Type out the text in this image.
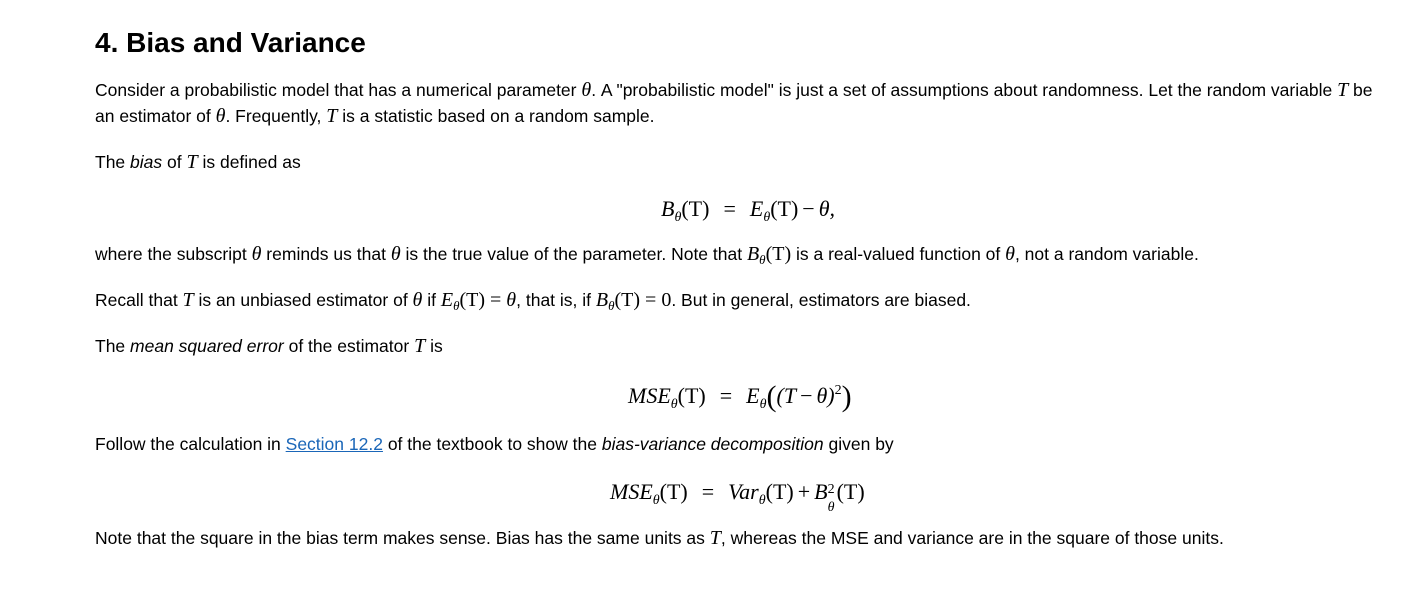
4. Bias and Variance

Consider a probabilistic model that has a numerical parameter θ. A "probabilistic model" is just a set of assumptions about randomness. Let the random variable T be an estimator of θ. Frequently, T is a statistic based on a random sample.

The bias of T is defined as

$B_\theta(T) = E_\theta(T) - \theta$,

where the subscript θ reminds us that θ is the true value of the parameter. Note that $B_\theta(T)$ is a real-valued function of θ, not a random variable.

Recall that T is an unbiased estimator of θ if $E_\theta(T) = \theta$, that is, if $B_\theta(T) = 0$. But in general, estimators are biased.

The mean squared error of the estimator T is

$MSE_\theta(T) = E_\theta((T - \theta)^2)$

Follow the calculation in Section 12.2 of the textbook to show the bias-variance decomposition given by

$MSE_\theta(T) = Var_\theta(T) + B$ 2
θ
(T)

Note that the square in the bias term makes sense. Bias has the same units as T, whereas the MSE and variance are in the square of those units.
